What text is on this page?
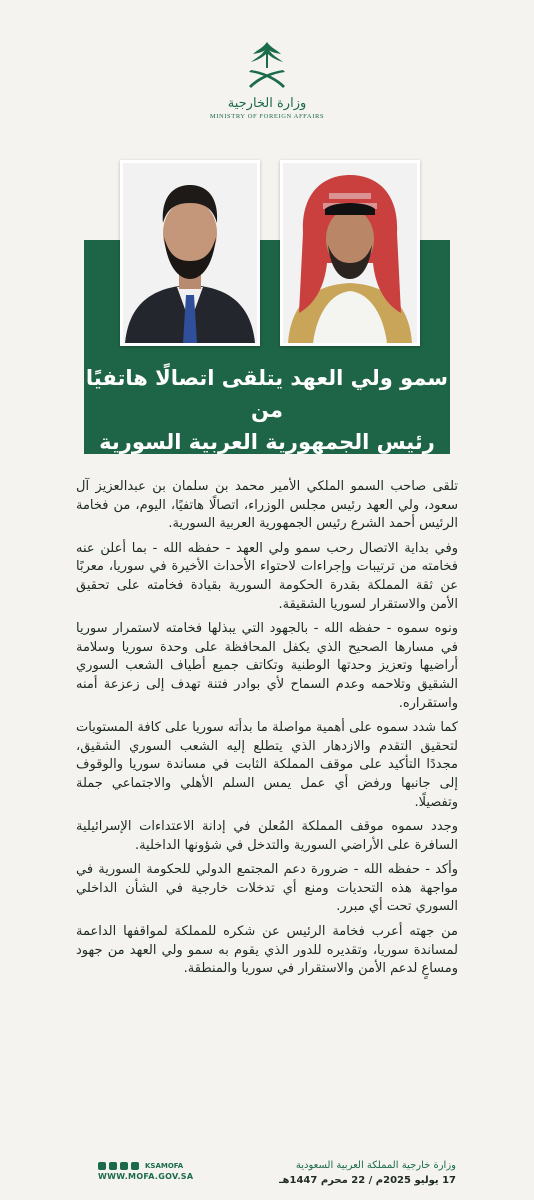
وزارة الخارجية
MINISTRY OF FOREIGN AFFAIRS
سمو ولي العهد يتلقى اتصالًا هاتفيًا من
رئيس الجمهورية العربية السورية

تلقى صاحب السمو الملكي الأمير محمد بن سلمان بن عبدالعزيز آل سعود، ولي العهد رئيس مجلس الوزراء، اتصالًا هاتفيًا، اليوم، من فخامة الرئيس أحمد الشرع رئيس الجمهورية العربية السورية.

وفي بداية الاتصال رحب سمو ولي العهد - حفظه الله - بما أعلن عنه فخامته من ترتيبات وإجراءات لاحتواء الأحداث الأخيرة في سوريا، معربًا عن ثقة المملكة بقدرة الحكومة السورية بقيادة فخامته على تحقيق الأمن والاستقرار لسوريا الشقيقة.

ونوه سموه - حفظه الله - بالجهود التي يبذلها فخامته لاستمرار سوريا في مسارها الصحيح الذي يكفل المحافظة على وحدة سوريا وسلامة أراضيها وتعزيز وحدتها الوطنية وتكاتف جميع أطياف الشعب السوري الشقيق وتلاحمه وعدم السماح لأي بوادر فتنة تهدف إلى زعزعة أمنه واستقراره.

كما شدد سموه على أهمية مواصلة ما بدأته سوريا على كافة المستويات لتحقيق التقدم والازدهار الذي يتطلع إليه الشعب السوري الشقيق، مجددًا التأكيد على موقف المملكة الثابت في مساندة سوريا والوقوف إلى جانبها ورفض أي عمل يمس السلم الأهلي والاجتماعي جملة وتفصيلًا.

وجدد سموه موقف المملكة المُعلن في إدانة الاعتداءات الإسرائيلية السافرة على الأراضي السورية والتدخل في شؤونها الداخلية.

وأكد - حفظه الله - ضرورة دعم المجتمع الدولي للحكومة السورية في مواجهة هذه التحديات ومنع أي تدخلات خارجية في الشأن الداخلي السوري تحت أي مبرر.

من جهته أعرب فخامة الرئيس عن شكره للمملكة لمواقفها الداعمة لمساندة سوريا، وتقديره للدور الذي يقوم به سمو ولي العهد من جهود ومساعٍ لدعم الأمن والاستقرار في سوريا والمنطقة.

وزارة خارجية المملكة العربية السعودية
17 يوليو 2025م / 22 محرم 1447هـ
KSAMOFA
WWW.MOFA.GOV.SA
